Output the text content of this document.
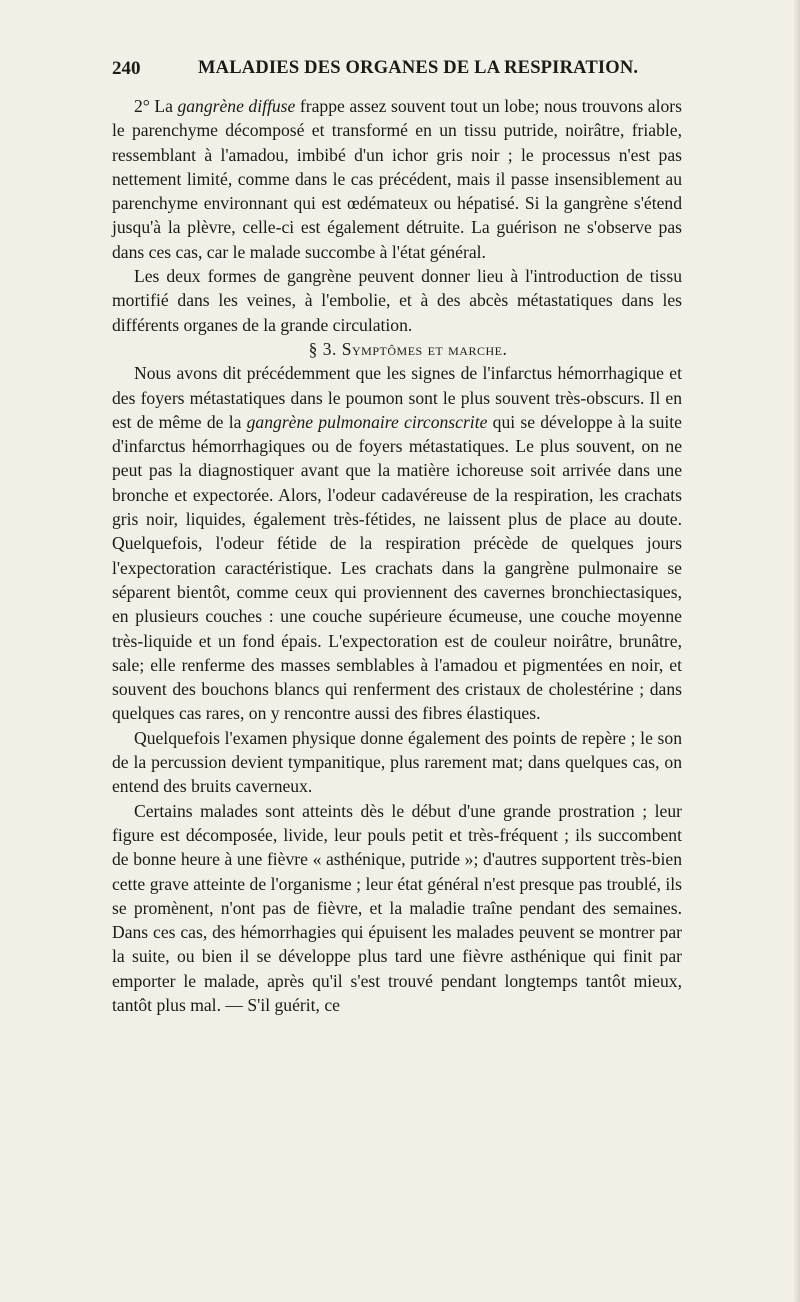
240	MALADIES DES ORGANES DE LA RESPIRATION.

2° La gangrène diffuse frappe assez souvent tout un lobe; nous trouvons alors le parenchyme décomposé et transformé en un tissu putride, noirâtre, friable, ressemblant à l'amadou, imbibé d'un ichor gris noir ; le processus n'est pas nettement limité, comme dans le cas précédent, mais il passe insensiblement au parenchyme environnant qui est œdémateux ou hépatisé. Si la gangrène s'étend jusqu'à la plèvre, celle-ci est également détruite. La guérison ne s'observe pas dans ces cas, car le malade succombe à l'état général.

Les deux formes de gangrène peuvent donner lieu à l'introduction de tissu mortifié dans les veines, à l'embolie, et à des abcès métastatiques dans les différents organes de la grande circulation.

§ 3. Symptômes et marche.

Nous avons dit précédemment que les signes de l'infarctus hémorrhagique et des foyers métastatiques dans le poumon sont le plus souvent très-obscurs. Il en est de même de la gangrène pulmonaire circonscrite qui se développe à la suite d'infarctus hémorrhagiques ou de foyers métastatiques. Le plus souvent, on ne peut pas la diagnostiquer avant que la matière ichoreuse soit arrivée dans une bronche et expectorée. Alors, l'odeur cadavéreuse de la respiration, les crachats gris noir, liquides, également très-fétides, ne laissent plus de place au doute. Quelquefois, l'odeur fétide de la respiration précède de quelques jours l'expectoration caractéristique. Les crachats dans la gangrène pulmonaire se séparent bientôt, comme ceux qui proviennent des cavernes bronchiectasiques, en plusieurs couches : une couche supérieure écumeuse, une couche moyenne très-liquide et un fond épais. L'expectoration est de couleur noirâtre, brunâtre, sale; elle renferme des masses semblables à l'amadou et pigmentées en noir, et souvent des bouchons blancs qui renferment des cristaux de cholestérine ; dans quelques cas rares, on y rencontre aussi des fibres élastiques.

Quelquefois l'examen physique donne également des points de repère ; le son de la percussion devient tympanitique, plus rarement mat; dans quelques cas, on entend des bruits caverneux.

Certains malades sont atteints dès le début d'une grande prostration ; leur figure est décomposée, livide, leur pouls petit et très-fréquent ; ils succombent de bonne heure à une fièvre « asthénique, putride »; d'autres supportent très-bien cette grave atteinte de l'organisme ; leur état général n'est presque pas troublé, ils se promènent, n'ont pas de fièvre, et la maladie traîne pendant des semaines. Dans ces cas, des hémorrhagies qui épuisent les malades peuvent se montrer par la suite, ou bien il se développe plus tard une fièvre asthénique qui finit par emporter le malade, après qu'il s'est trouvé pendant longtemps tantôt mieux, tantôt plus mal. — S'il guérit, ce
